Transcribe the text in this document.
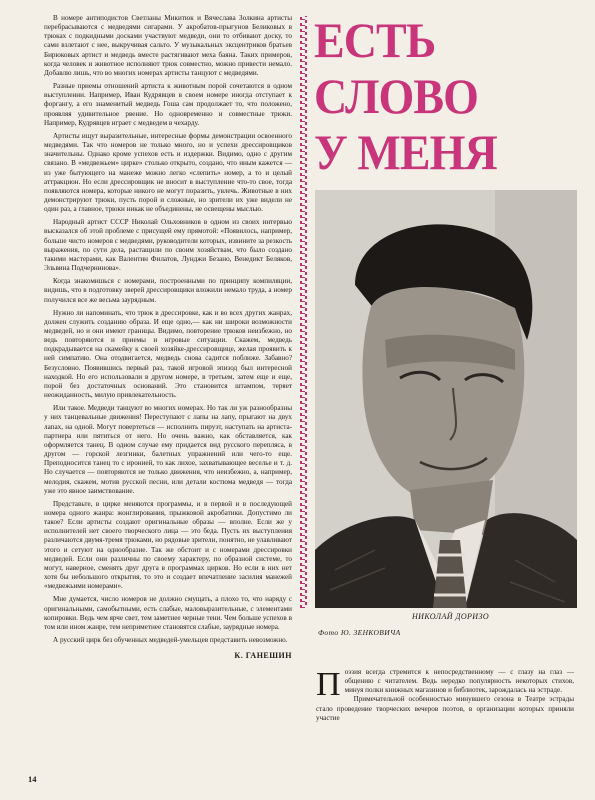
В номере антиподистов Светланы Микитюк и Вячеслава Золкина артисты перебрасываются с медведями сигарами. У акробатов-прыгунов Беликовых в трюках с подкидными досками участвуют медведи, они то отбивают доску, то сами взлетают с нее, выкручивая сальто. У музыкальных эксцентриков братьев Бирюковых артист и медведь вместе растягивают меха баяна. Таких примеров, когда человек и животное исполняют трюк совместно, можно привести немало. Добавлю лишь, что во многих номерах артисты танцуют с медведями.

Разные приемы отношений артиста к животным порой сочетаются в одном выступлении. Например, Иван Кудрявцев в своем номере иногда отступает к форгангу, а его знаменитый медведь Гоша сам продолжает то, что положено, проявляя удивительное рвение. Но одновременно и совместные трюки. Например, Кудрявцев играет с медведем в чехарду.

Артисты ищут выразительные, интересные формы демонстрации освоенного медведями. Так что номеров не только много, но и успехи дрессировщиков значительны. Однако кроме успехов есть и издержки. Видимо, одно с другим связано. В «медвежьем» цирке» столько открыто, создано, что иным кажется — из уже бытующего на манеже можно легко «слепить» номер, а то и целый аттракцион. Но если дрессировщик не вносит в выступление что-то свое, тогда появляются номера, которые никого не могут поразить, увлечь. Животные в них демонстрируют трюки, пусть порой и сложные, но зрители их уже видели не один раз, а главное, трюки никак не объединены, не освещены мыслью.

Народный артист СССР Николай Ольховников в одном из своих интервью высказался об этой проблеме с присущей ему прямотой: «Появилось, например, больше чисто номеров с медведями, руководители которых, извините за резкость выражения, по сути дела, растащили по своим хозяйствам, что было создано такими мастерами, как Валентин Филатов, Лунджи Безано, Венедикт Беляков, Эльвина Подчернинова».

Когда знакомишься с номерами, построенными по принципу компиляции, видишь, что в подготовку зверей дрессировщики вложили немало труда, а номер получился все же весьма заурядным.

Нужно ли напоминать, что трюк в дрессировке, как и во всех других жанрах, должен служить созданию образа. И еще одно,— как ни широки возможности медведей, но и они имеют границы. Видимо, повторение трюков неизбежно, но ведь повторяются и приемы и игровые ситуации. Скажем, медведь подкрадывается на скамейку к своей хозяйке-дрессировщице, желая проявить к ней симпатию. Она отодвигается, медведь снова садится поближе. Забавно? Безусловно. Появившись первый раз, такой игровой эпизод был интересной находкой. Но его использовали в другом номере, в третьем, затем еще и еще, порой без достаточных оснований. Это становится штампом, теряет неожиданность, милую привлекательность.

Или такое. Медведи танцуют во многих номерах. Но так ли уж разнообразны у них танцевальные движения! Переступают с лапы на лапу, прыгают на двух лапах, на одной. Могут повертеться — исполнить пируэт, наступать на артиста-партнера или пятиться от него. Но очень важно, как обставляется, как оформляется танец. В одном случае ему придается вид русского переплясa, в другом — горской лезгинки, балетных упражнений или чего-то еще. Преподносится танец то с иронией, то как лихое, захватывающее веселье и т. д. Но случается — повторяются не только движения, что неизбежно, а, например, мелодия, скажем, мотив русской песни, или детали костюма медведя — тогда уже это явное заимствование.

Представьте, в цирке меняются программы, и в первой и в последующей номера одного жанра: жонглирования, прыжковой акробатики. Допустимо ли такое? Если артисты создают оригинальные образы — вполне. Если же у исполнителей нет своего творческого лица — это беда. Пусть их выступления различаются двумя-тремя трюками, но рядовые зрители, понятно, не улавливают этого и сетуют на однообразие. Так же обстоит и с номерами дрессировки медведей. Если они различны по своему характеру, по образной системе, то могут, наверное, сменять друг друга в программах цирков. Но если в них нет хотя бы небольшого открытия, то это и создает впечатление засилия манежей «медвежьими номерами».

Мне думается, число номеров не должно смущать, а плохо то, что наряду с оригинальными, самобытными, есть слабые, маловыразительные, с элементами копировки. Ведь чем ярче свет, тем заметнее черные тени. Чем больше успехов в том или ином жанре, тем неприметнее становятся слабые, заурядные номера.

А русский цирк без обученных медведей-умельцев представить невозможно.

К. ГАНЕШИН
ЕСТЬ
СЛОВО
У МЕНЯ
НИКОЛАЙ ДОРИЗО
Фото Ю. ЗЕНКОВИЧА

Поэзия всегда стремится к непосредственному — с глазу на глаз — общению с читателем. Ведь нередко популярность некоторых стихов, минуя полки книжных магазинов и библиотек, зарождалась на эстраде.

Примечательной особенностью минувшего сезона в Театре эстрады стало проведение творческих вечеров поэтов, в организации которых приняли участие

14
